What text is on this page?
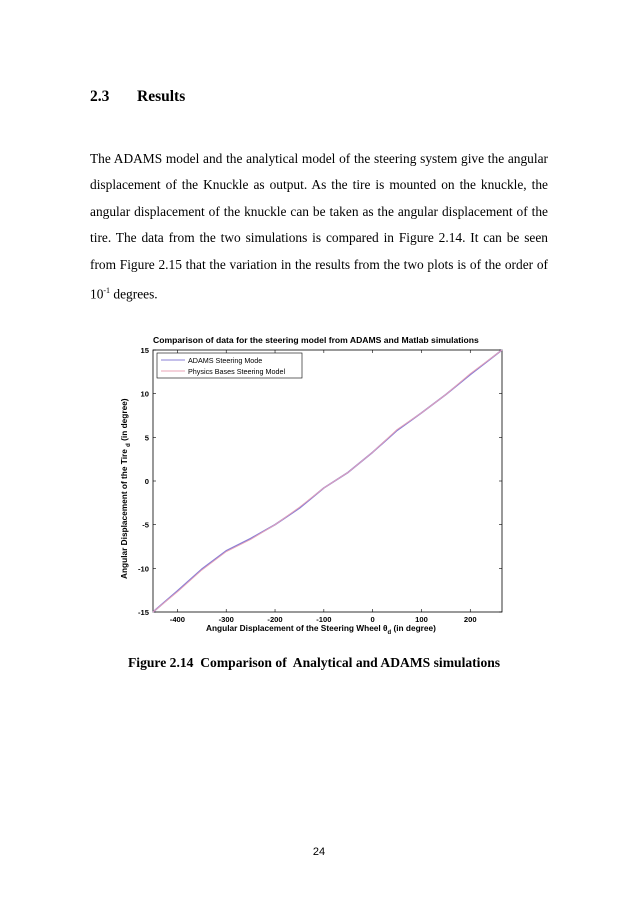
2.3 Results

The ADAMS model and the analytical model of the steering system give the angular displacement of the Knuckle as output. As the tire is mounted on the knuckle, the angular displacement of the knuckle can be taken as the angular displacement of the tire. The data from the two simulations is compared in Figure 2.14. It can be seen from Figure 2.15 that the variation in the results from the two plots is of the order of $10^{-1}$ degrees.

Comparison of data for the steering model from ADAMS and Matlab simulations
-400	-300	-200	-100	0	100	200
15
10
5
0
-5
-10
-15
Angular Displacement of the Steering Wheel $\theta_d$ (in degree)
Angular Displacement of the Tire $_d$ (in degree)
ADAMS Steering Mode
Physics Bases Steering Model
Figure 2.14  Comparison of  Analytical and ADAMS simulations
24
